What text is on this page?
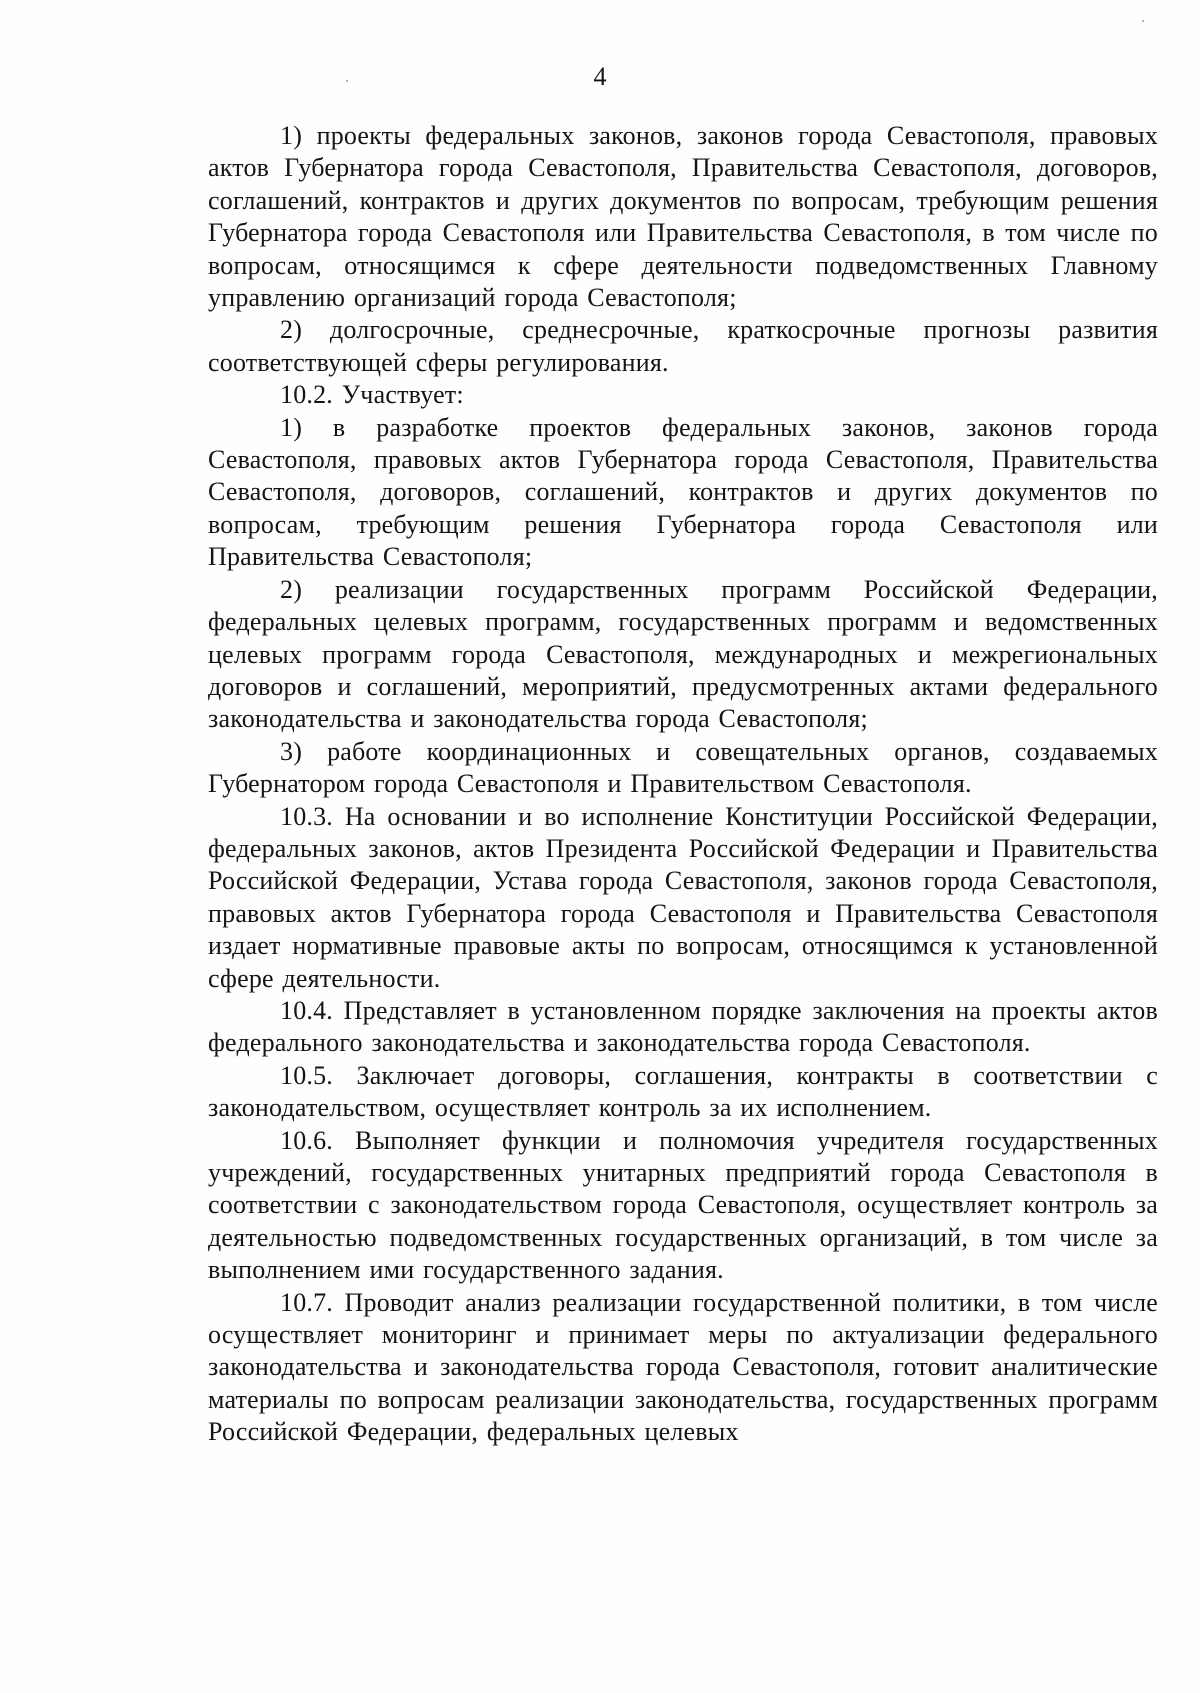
4

1) проекты федеральных законов, законов города Севастополя, правовых актов Губернатора города Севастополя, Правительства Севастополя, договоров, соглашений, контрактов и других документов по вопросам, требующим решения Губернатора города Севастополя или Правительства Севастополя, в том числе по вопросам, относящимся к сфере деятельности подведомственных Главному управлению организаций города Севастополя;

2) долгосрочные, среднесрочные, краткосрочные прогнозы развития соответствующей сферы регулирования.

10.2. Участвует:

1) в разработке проектов федеральных законов, законов города Севастополя, правовых актов Губернатора города Севастополя, Правительства Севастополя, договоров, соглашений, контрактов и других документов по вопросам, требующим решения Губернатора города Севастополя или Правительства Севастополя;

2) реализации государственных программ Российской Федерации, федеральных целевых программ, государственных программ и ведомственных целевых программ города Севастополя, международных и межрегиональных договоров и соглашений, мероприятий, предусмотренных актами федерального законодательства и законодательства города Севастополя;

3) работе координационных и совещательных органов, создаваемых Губернатором города Севастополя и Правительством Севастополя.

10.3. На основании и во исполнение Конституции Российской Федерации, федеральных законов, актов Президента Российской Федерации и Правительства Российской Федерации, Устава города Севастополя, законов города Севастополя, правовых актов Губернатора города Севастополя и Правительства Севастополя издает нормативные правовые акты по вопросам, относящимся к установленной сфере деятельности.

10.4. Представляет в установленном порядке заключения на проекты актов федерального законодательства и законодательства города Севастополя.

10.5. Заключает договоры, соглашения, контракты в соответствии с законодательством, осуществляет контроль за их исполнением.

10.6. Выполняет функции и полномочия учредителя государственных учреждений, государственных унитарных предприятий города Севастополя в соответствии с законодательством города Севастополя, осуществляет контроль за деятельностью подведомственных государственных организаций, в том числе за выполнением ими государственного задания.

10.7. Проводит анализ реализации государственной политики, в том числе осуществляет мониторинг и принимает меры по актуализации федерального законодательства и законодательства города Севастополя, готовит аналитические материалы по вопросам реализации законодательства, государственных программ Российской Федерации, федеральных целевых
